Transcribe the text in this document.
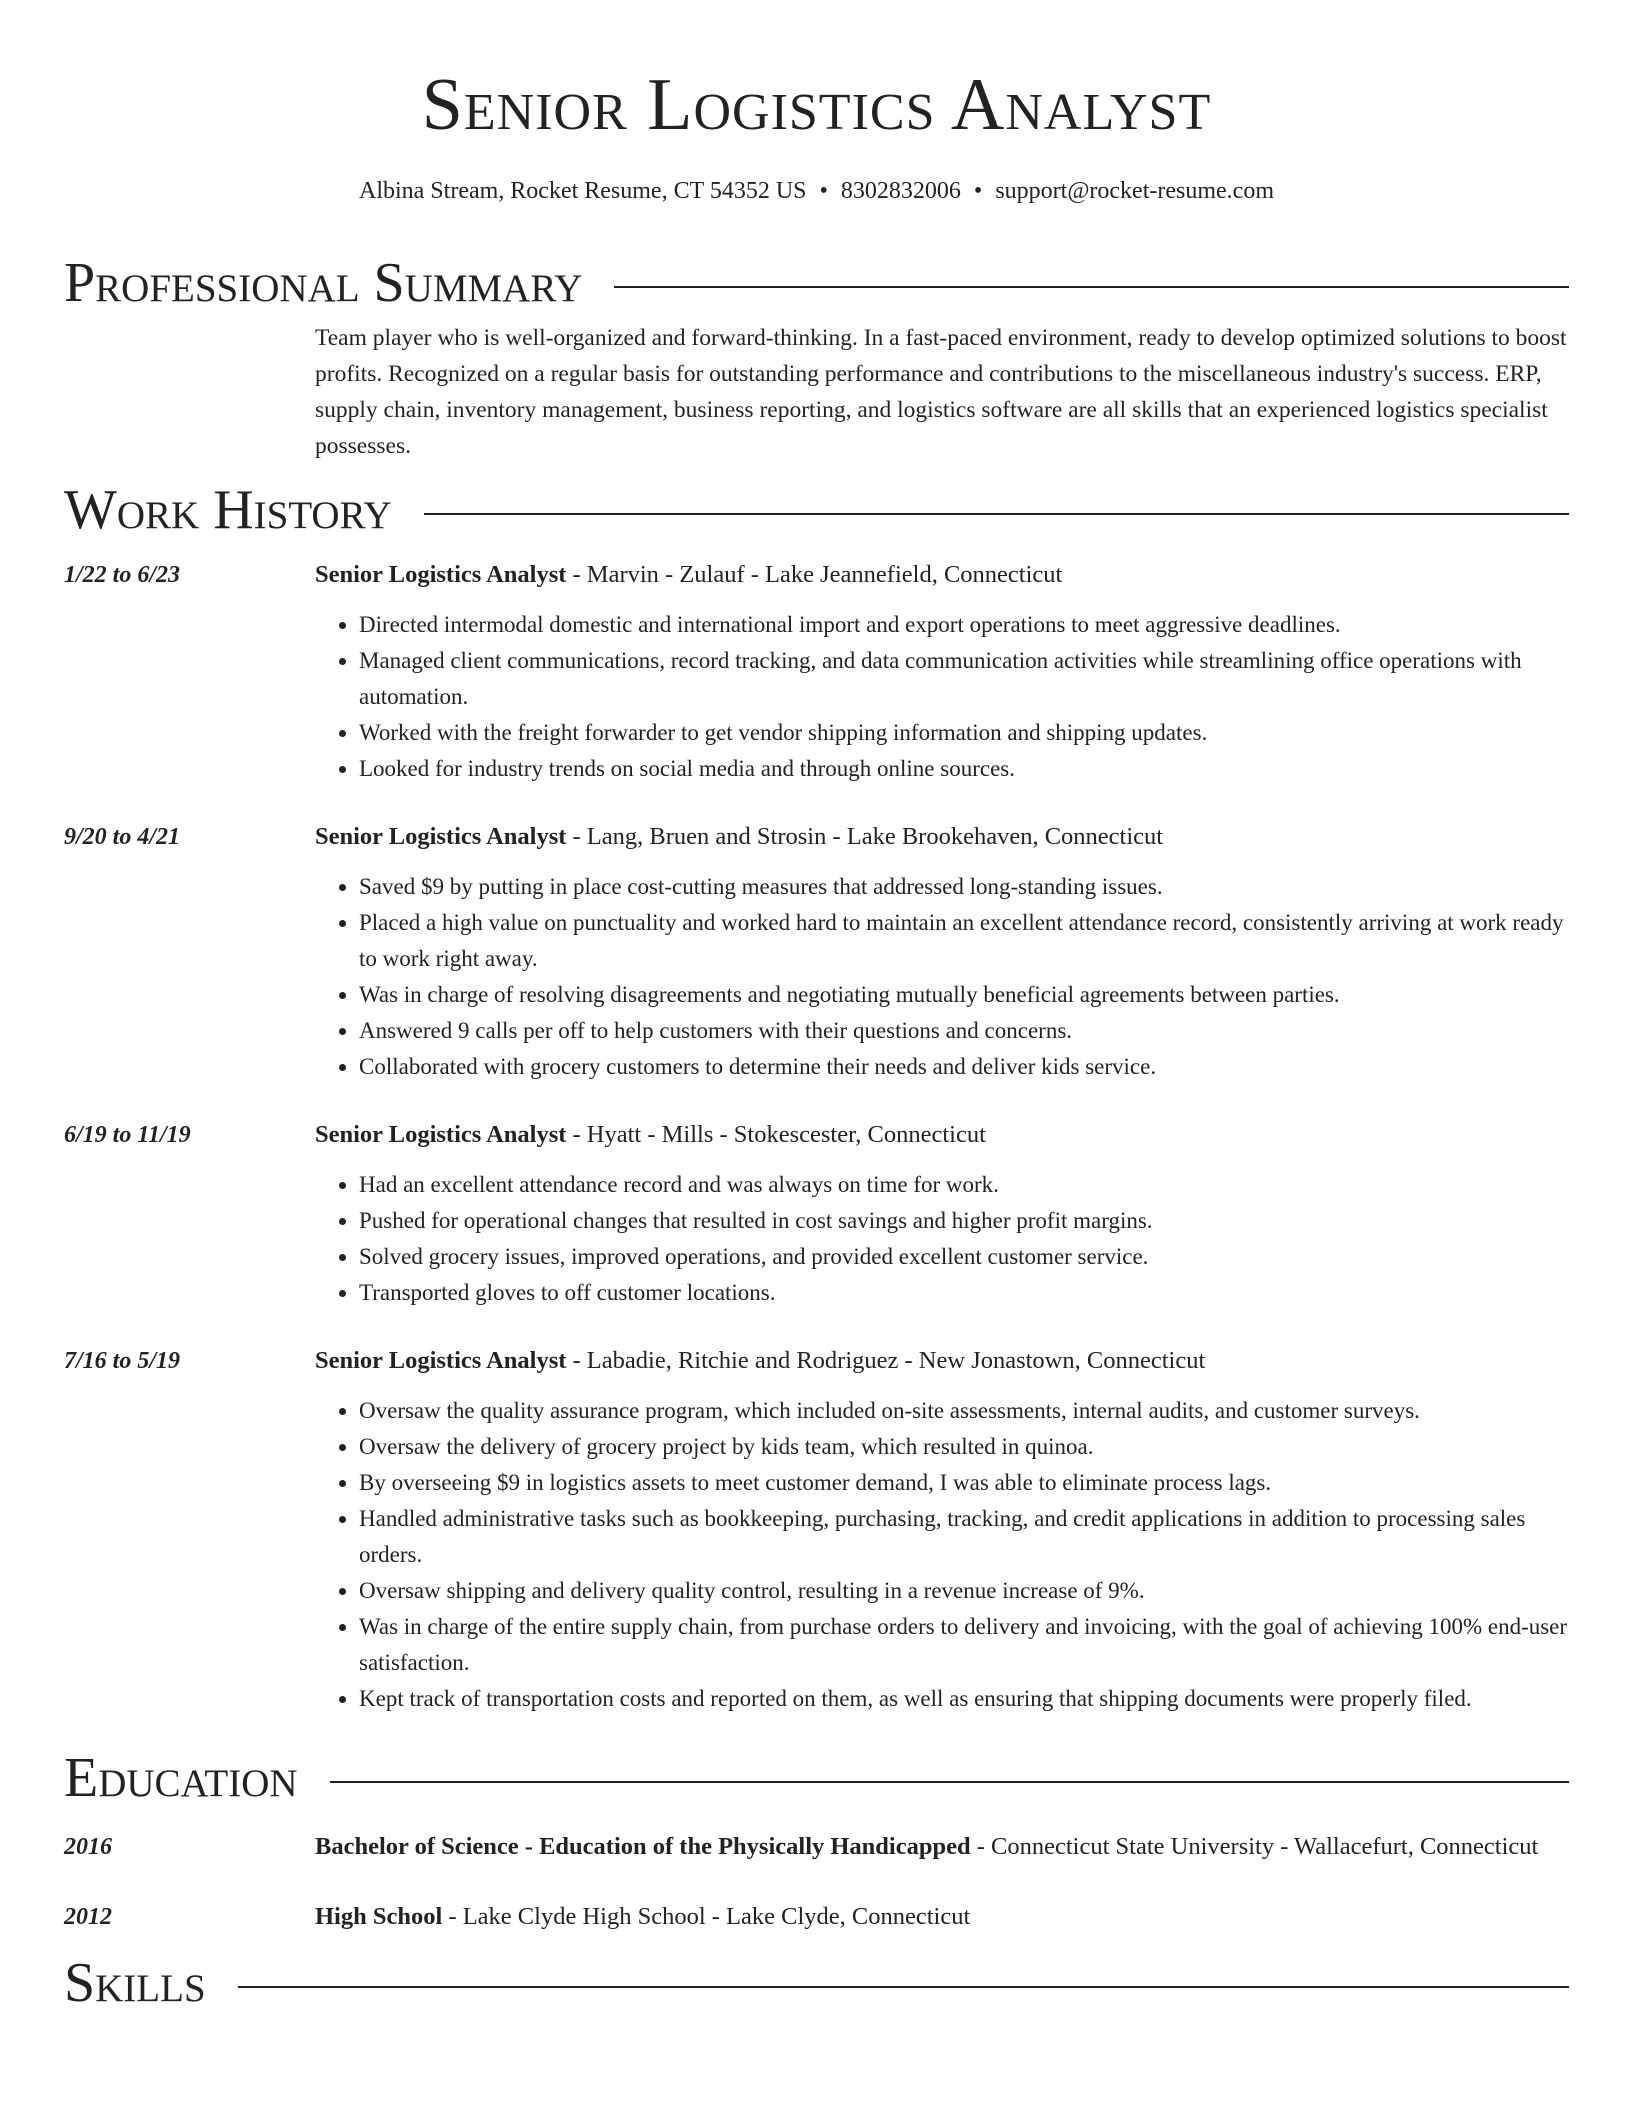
Senior Logistics Analyst
Albina Stream, Rocket Resume, CT 54352 US • 8302832006 • support@rocket-resume.com
Professional Summary

Team player who is well-organized and forward-thinking. In a fast-paced environment, ready to develop optimized solutions to boost profits. Recognized on a regular basis for outstanding performance and contributions to the miscellaneous industry's success. ERP, supply chain, inventory management, business reporting, and logistics software are all skills that an experienced logistics specialist possesses.

Work History
1/22 to 6/23	Senior Logistics Analyst - Marvin - Zulauf - Lake Jeannefield, Connecticut
• Directed intermodal domestic and international import and export operations to meet aggressive deadlines.
• Managed client communications, record tracking, and data communication activities while streamlining office operations with automation.
• Worked with the freight forwarder to get vendor shipping information and shipping updates.
• Looked for industry trends on social media and through online sources.
9/20 to 4/21	Senior Logistics Analyst - Lang, Bruen and Strosin - Lake Brookehaven, Connecticut
• Saved $9 by putting in place cost-cutting measures that addressed long-standing issues.
• Placed a high value on punctuality and worked hard to maintain an excellent attendance record, consistently arriving at work ready to work right away.
• Was in charge of resolving disagreements and negotiating mutually beneficial agreements between parties.
• Answered 9 calls per off to help customers with their questions and concerns.
• Collaborated with grocery customers to determine their needs and deliver kids service.
6/19 to 11/19	Senior Logistics Analyst - Hyatt - Mills - Stokescester, Connecticut
• Had an excellent attendance record and was always on time for work.
• Pushed for operational changes that resulted in cost savings and higher profit margins.
• Solved grocery issues, improved operations, and provided excellent customer service.
• Transported gloves to off customer locations.
7/16 to 5/19	Senior Logistics Analyst - Labadie, Ritchie and Rodriguez - New Jonastown, Connecticut
• Oversaw the quality assurance program, which included on-site assessments, internal audits, and customer surveys.
• Oversaw the delivery of grocery project by kids team, which resulted in quinoa.
• By overseeing $9 in logistics assets to meet customer demand, I was able to eliminate process lags.
• Handled administrative tasks such as bookkeeping, purchasing, tracking, and credit applications in addition to processing sales orders.
• Oversaw shipping and delivery quality control, resulting in a revenue increase of 9%.
• Was in charge of the entire supply chain, from purchase orders to delivery and invoicing, with the goal of achieving 100% end-user satisfaction.
• Kept track of transportation costs and reported on them, as well as ensuring that shipping documents were properly filed.
Education
2016	Bachelor of Science - Education of the Physically Handicapped - Connecticut State University - Wallacefurt, Connecticut
2012	High School - Lake Clyde High School - Lake Clyde, Connecticut
Skills
